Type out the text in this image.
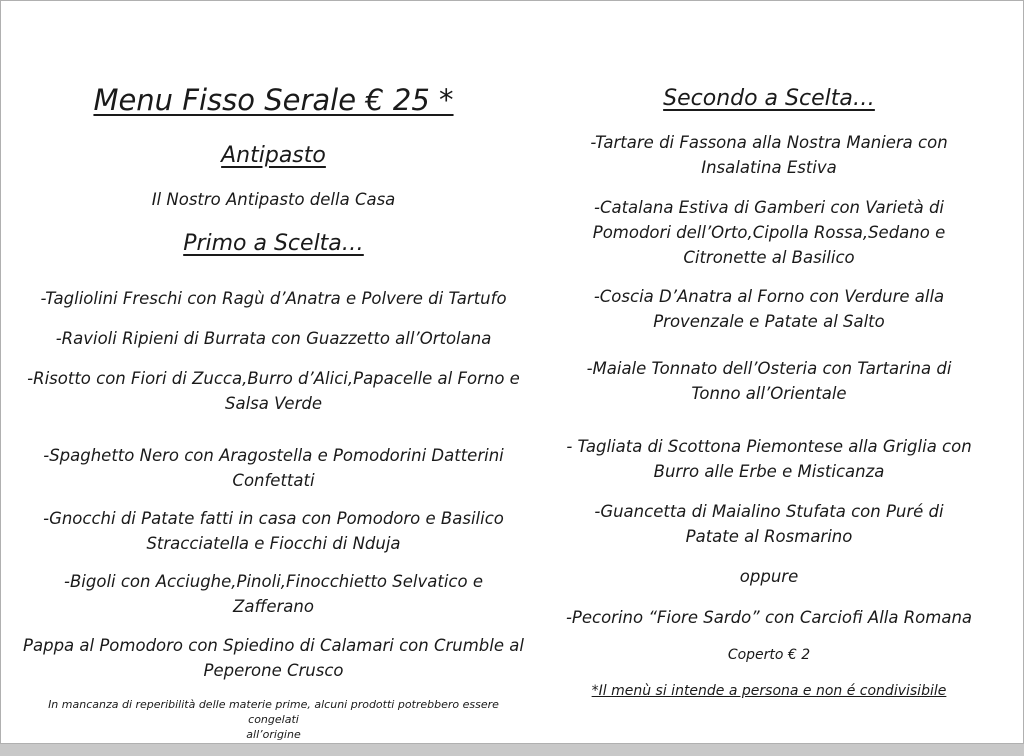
Menu Fisso Serale € 25 *
Antipasto
Il Nostro Antipasto della Casa
Primo a Scelta…
-Tagliolini Freschi con Ragù d’Anatra e Polvere di Tartufo
-Ravioli Ripieni di Burrata con Guazzetto all’Ortolana
-Risotto con Fiori di Zucca,Burro d’Alici,Papacelle al Forno e
Salsa Verde
-Spaghetto Nero con Aragostella e Pomodorini Datterini
Confettati
-Gnocchi di Patate fatti in casa con Pomodoro e Basilico
Stracciatella e Fiocchi di Nduja
-Bigoli con Acciughe,Pinoli,Finocchietto Selvatico e
Zafferano
Pappa al Pomodoro con Spiedino di Calamari con Crumble al
Peperone Crusco
In mancanza di reperibilità delle materie prime, alcuni prodotti potrebbero essere congelati
all’origine
Secondo a Scelta…
-Tartare di Fassona alla Nostra Maniera con
Insalatina Estiva
-Catalana Estiva di Gamberi con Varietà di
Pomodori dell’Orto,Cipolla Rossa,Sedano e
Citronette al Basilico
-Coscia D’Anatra al Forno con Verdure alla
Provenzale e Patate al Salto
-Maiale Tonnato dell’Osteria con Tartarina di
Tonno all’Orientale
- Tagliata di Scottona Piemontese alla Griglia con
Burro alle Erbe e Misticanza
-Guancetta di Maialino Stufata con Puré di
Patate al Rosmarino
oppure
-Pecorino “Fiore Sardo” con Carciofi Alla Romana
Coperto € 2
*Il menù si intende a persona e non é condivisibile
